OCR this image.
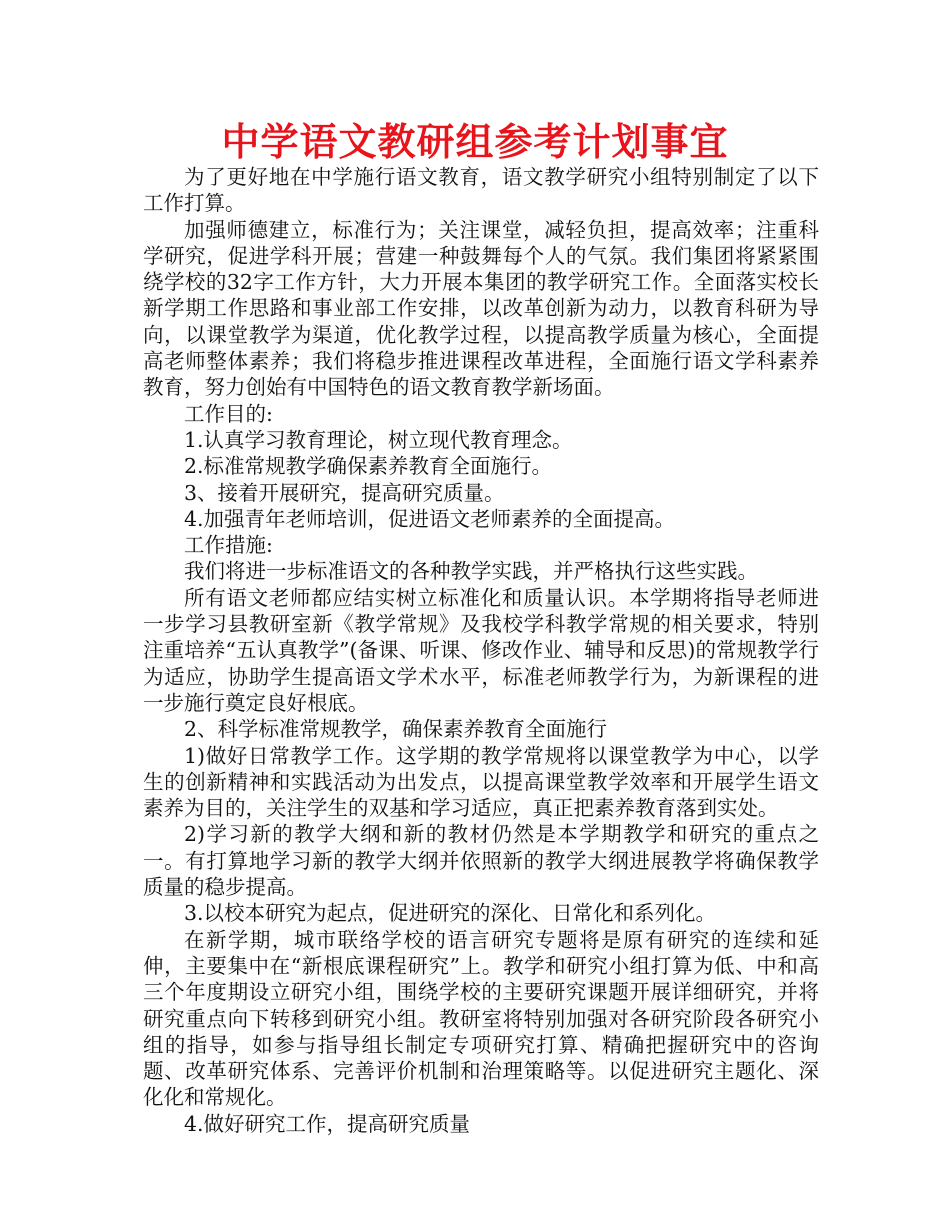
中学语文教研组参考计划事宜

为了更好地在中学施行语文教育，语文教学研究小组特别制定了以下工作打算。

加强师德建立，标准行为；关注课堂，减轻负担，提高效率；注重科学研究，促进学科开展；营建一种鼓舞每个人的气氛。我们集团将紧紧围绕学校的32字工作方针，大力开展本集团的教学研究工作。全面落实校长新学期工作思路和事业部工作安排，以改革创新为动力，以教育科研为导向，以课堂教学为渠道，优化教学过程，以提高教学质量为核心，全面提高老师整体素养；我们将稳步推进课程改革进程，全面施行语文学科素养教育，努力创始有中国特色的语文教育教学新场面。

工作目的:

1.认真学习教育理论，树立现代教育理念。

2.标准常规教学确保素养教育全面施行。

3、接着开展研究，提高研究质量。

4.加强青年老师培训，促进语文老师素养的全面提高。

工作措施:

我们将进一步标准语文的各种教学实践，并严格执行这些实践。

所有语文老师都应结实树立标准化和质量认识。本学期将指导老师进一步学习县教研室新《教学常规》及我校学科教学常规的相关要求，特别注重培养“五认真教学”(备课、听课、修改作业、辅导和反思)的常规教学行为适应，协助学生提高语文学术水平，标准老师教学行为，为新课程的进一步施行奠定良好根底。

2、科学标准常规教学，确保素养教育全面施行

1)做好日常教学工作。这学期的教学常规将以课堂教学为中心，以学生的创新精神和实践活动为出发点，以提高课堂教学效率和开展学生语文素养为目的，关注学生的双基和学习适应，真正把素养教育落到实处。

2)学习新的教学大纲和新的教材仍然是本学期教学和研究的重点之一。有打算地学习新的教学大纲并依照新的教学大纲进展教学将确保教学质量的稳步提高。

3.以校本研究为起点，促进研究的深化、日常化和系列化。

在新学期，城市联络学校的语言研究专题将是原有研究的连续和延伸，主要集中在“新根底课程研究”上。教学和研究小组打算为低、中和高三个年度期设立研究小组，围绕学校的主要研究课题开展详细研究，并将研究重点向下转移到研究小组。教研室将特别加强对各研究阶段各研究小组的指导，如参与指导组长制定专项研究打算、精确把握研究中的咨询题、改革研究体系、完善评价机制和治理策略等。以促进研究主题化、深化化和常规化。

4.做好研究工作，提高研究质量
